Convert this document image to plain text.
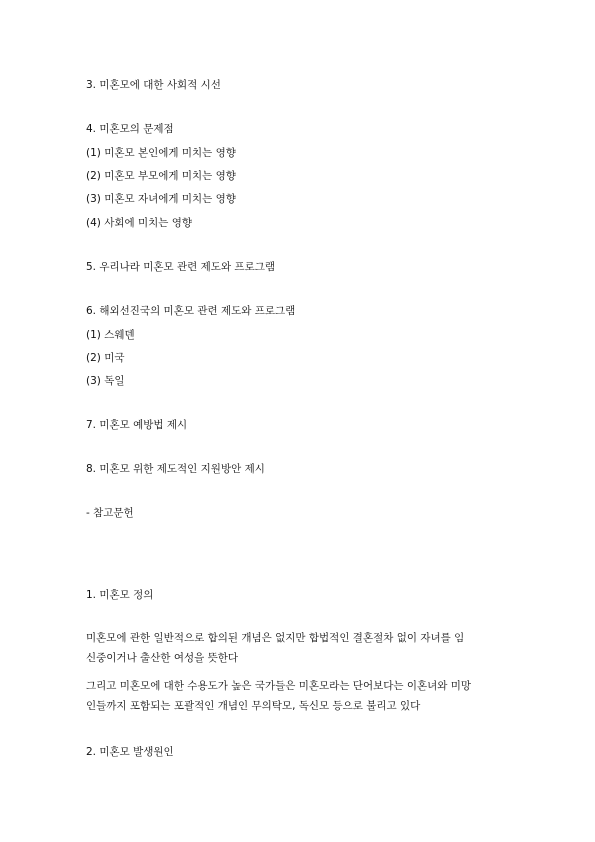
3. 미혼모에 대한 사회적 시선
4. 미혼모의 문제점
(1) 미혼모 본인에게 미치는 영향
(2) 미혼모 부모에게 미치는 영향
(3) 미혼모 자녀에게 미치는 영향
(4) 사회에 미치는 영향
5. 우리나라 미혼모 관련 제도와 프로그램
6. 해외선진국의 미혼모 관련 제도와 프로그램
(1) 스웨덴
(2) 미국
(3) 독일
7. 미혼모 예방법 제시
8. 미혼모 위한 제도적인 지원방안 제시
- 참고문헌
1. 미혼모 정의
미혼모에 관한 일반적으로 합의된 개념은 없지만 합법적인 결혼절차 없이 자녀를 임
신중이거나 출산한 여성을 뜻한다
그리고 미혼모에 대한 수용도가 높은 국가들은 미혼모라는 단어보다는 이혼녀와 미망
인들까지 포함되는 포괄적인 개념인 무의탁모, 독신모 등으로 불리고 있다
2. 미혼모 발생원인
